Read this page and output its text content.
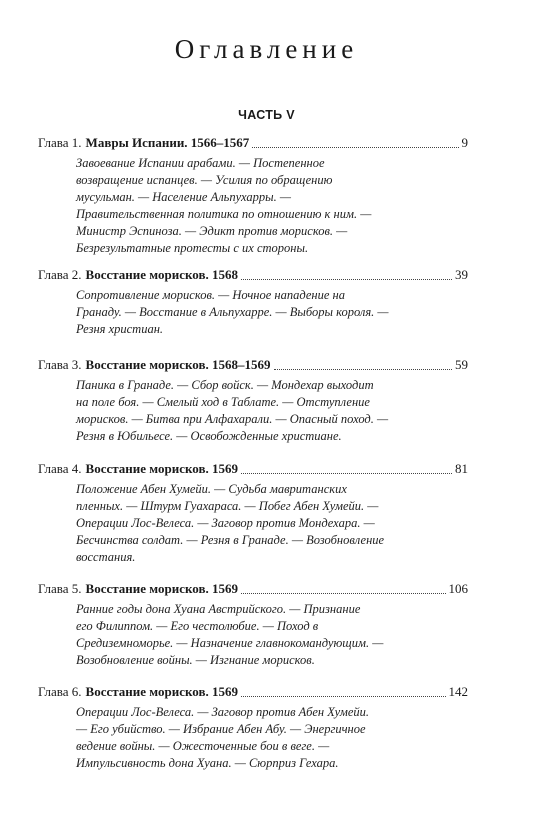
Оглавление
ЧАСТЬ V
Глава 1. Мавры Испании. 1566–1567	9
Завоевание Испании арабами. — Постепенное
возвращение испанцев. — Усилия по обращению
мусульман. — Население Альпухарры. —
Правительственная политика по отношению к ним. —
Министр Эспиноза. — Эдикт против морисков. —
Безрезультатные протесты с их стороны.
Глава 2. Восстание морисков. 1568	39
Сопротивление морисков. — Ночное нападение на
Гранаду. — Восстание в Альпухарре. — Выборы короля. —
Резня христиан.
Глава 3. Восстание морисков. 1568–1569	59
Паника в Гранаде. — Сбор войск. — Мондехар выходит
на поле боя. — Смелый ход в Таблате. — Отступление
морисков. — Битва при Алфахарали. — Опасный поход. —
Резня в Юбильесе. — Освобожденные христиане.
Глава 4. Восстание морисков. 1569	81
Положение Абен Хумейи. — Судьба мавританских
пленных. — Штурм Гуахараса. — Побег Абен Хумейи. —
Операции Лос-Велеса. — Заговор против Мондехара. —
Бесчинства солдат. — Резня в Гранаде. — Возобновление
восстания.
Глава 5. Восстание морисков. 1569	106
Ранние годы дона Хуана Австрийского. — Признание
его Филиппом. — Его честолюбие. — Поход в
Средиземноморье. — Назначение главнокомандующим. —
Возобновление войны. — Изгнание морисков.
Глава 6. Восстание морисков. 1569	142
Операции Лос-Велеса. — Заговор против Абен Хумейи.
— Его убийство. — Избрание Абен Абу. — Энергичное
ведение войны. — Ожесточенные бои в веге. —
Импульсивность дона Хуана. — Сюрприз Гехара.
